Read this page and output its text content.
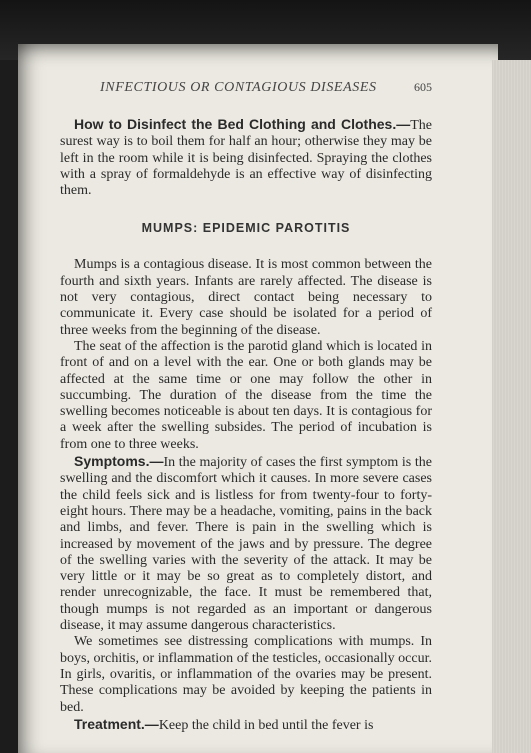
INFECTIOUS OR CONTAGIOUS DISEASES	605

How to Disinfect the Bed Clothing and Clothes.—The surest way is to boil them for half an hour; otherwise they may be left in the room while it is being disinfected. Spraying the clothes with a spray of formaldehyde is an effective way of disinfecting them.

MUMPS: EPIDEMIC PAROTITIS

Mumps is a contagious disease. It is most common between the fourth and sixth years. Infants are rarely affected. The disease is not very contagious, direct contact being necessary to communicate it. Every case should be isolated for a period of three weeks from the beginning of the disease.

The seat of the affection is the parotid gland which is located in front of and on a level with the ear. One or both glands may be affected at the same time or one may follow the other in succumbing. The duration of the disease from the time the swelling becomes noticeable is about ten days. It is contagious for a week after the swelling subsides. The period of incubation is from one to three weeks.

Symptoms.—In the majority of cases the first symptom is the swelling and the discomfort which it causes. In more severe cases the child feels sick and is listless for from twenty-four to forty-eight hours. There may be a headache, vomiting, pains in the back and limbs, and fever. There is pain in the swelling which is increased by movement of the jaws and by pressure. The degree of the swelling varies with the severity of the attack. It may be very little or it may be so great as to completely distort, and render unrecognizable, the face. It must be remembered that, though mumps is not regarded as an important or dangerous disease, it may assume dangerous characteristics.

We sometimes see distressing complications with mumps. In boys, orchitis, or inflammation of the testicles, occasionally occur. In girls, ovaritis, or inflammation of the ovaries may be present. These complications may be avoided by keeping the patients in bed.

Treatment.—Keep the child in bed until the fever is
